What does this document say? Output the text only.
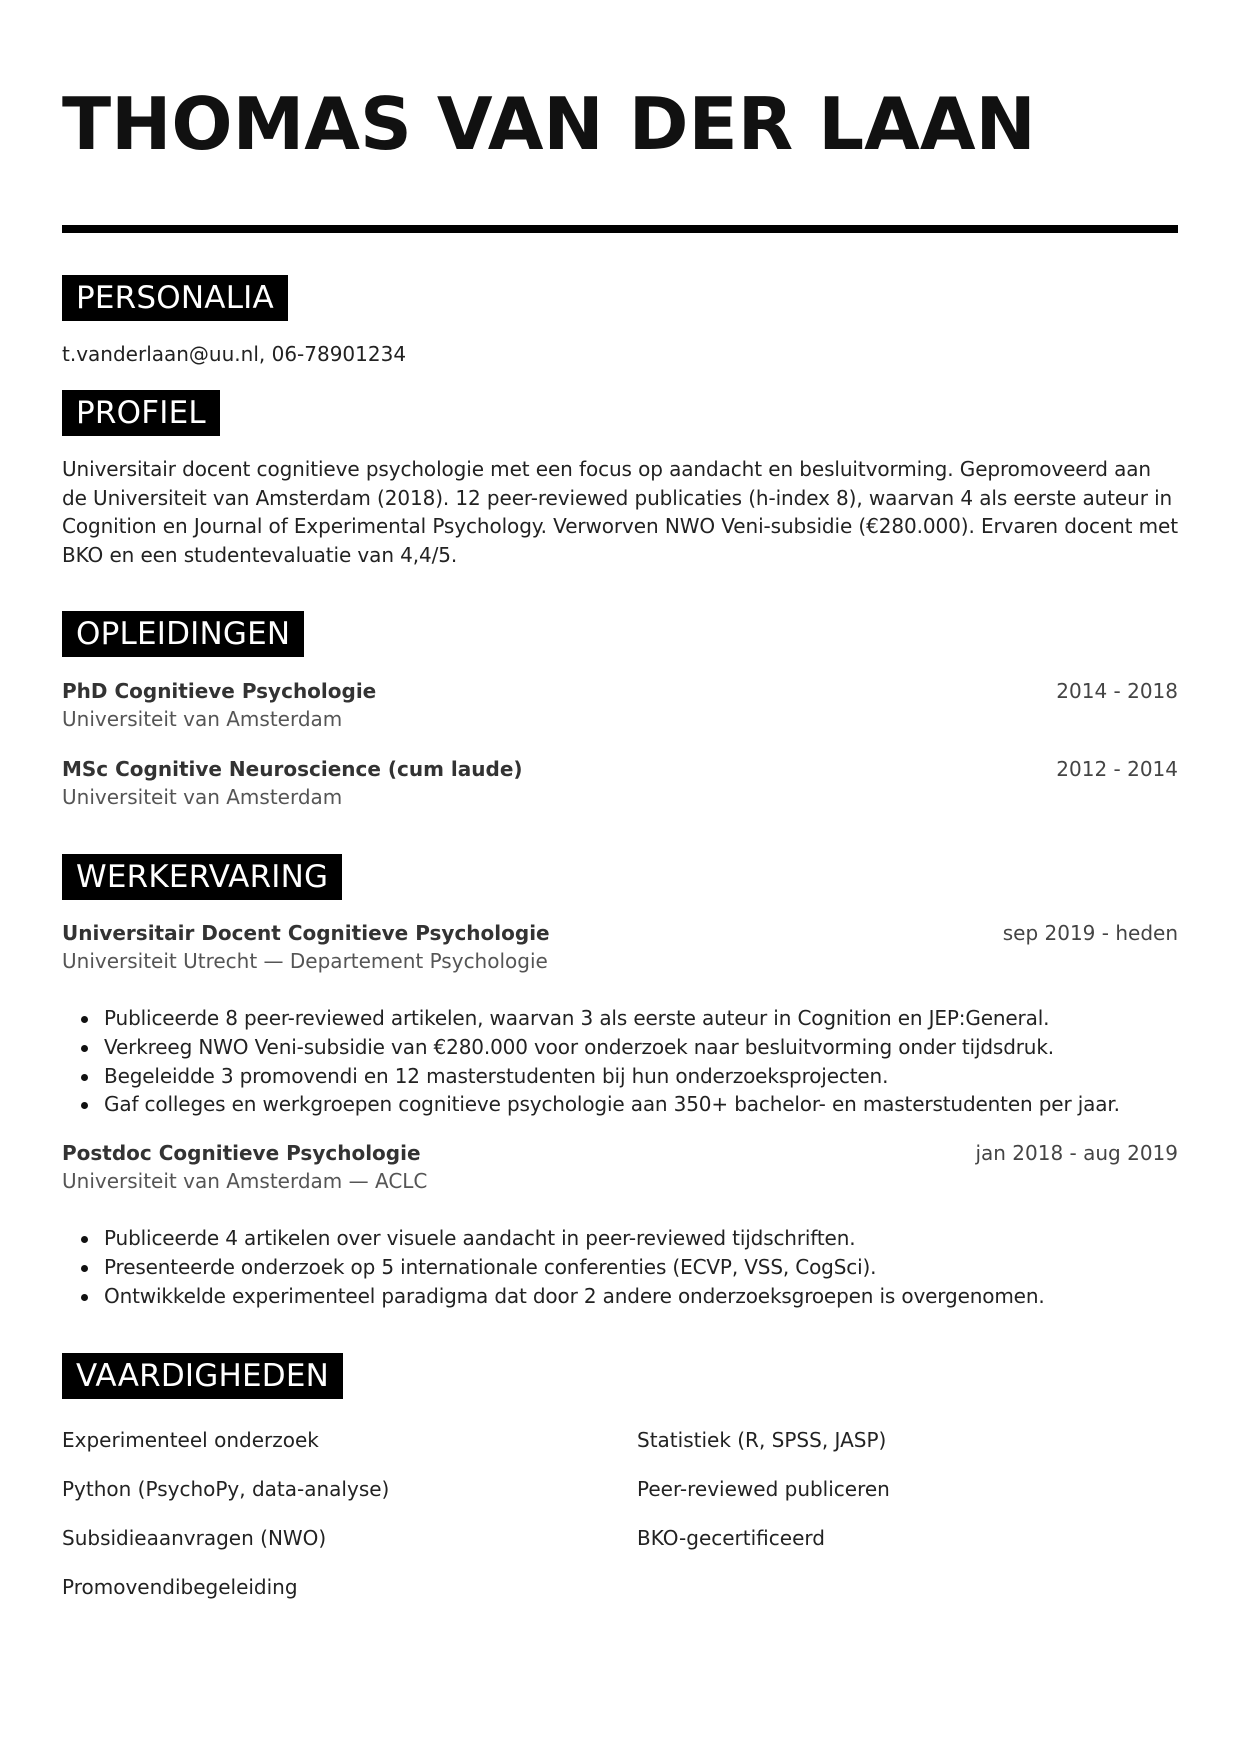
THOMAS VAN DER LAAN
PERSONALIA

t.vanderlaan@uu.nl, 06-78901234

PROFIEL

Universitair docent cognitieve psychologie met een focus op aandacht en besluitvorming. Gepromoveerd aan de Universiteit van Amsterdam (2018). 12 peer-reviewed publicaties (h-index 8), waarvan 4 als eerste auteur in Cognition en Journal of Experimental Psychology. Verworven NWO Veni-subsidie (€280.000). Ervaren docent met BKO en een studentevaluatie van 4,4/5.

OPLEIDINGEN
PhD Cognitieve Psychologie
Universiteit van Amsterdam
2014 - 2018
MSc Cognitive Neuroscience (cum laude)
Universiteit van Amsterdam
2012 - 2014
WERKERVARING
Universitair Docent Cognitieve Psychologie
Universiteit Utrecht — Departement Psychologie
sep 2019 - heden
Publiceerde 8 peer-reviewed artikelen, waarvan 3 als eerste auteur in Cognition en JEP:General.
Verkreeg NWO Veni-subsidie van €280.000 voor onderzoek naar besluitvorming onder tijdsdruk.
Begeleidde 3 promovendi en 12 masterstudenten bij hun onderzoeksprojecten.
Gaf colleges en werkgroepen cognitieve psychologie aan 350+ bachelor- en masterstudenten per jaar.
Postdoc Cognitieve Psychologie
Universiteit van Amsterdam — ACLC
jan 2018 - aug 2019
Publiceerde 4 artikelen over visuele aandacht in peer-reviewed tijdschriften.
Presenteerde onderzoek op 5 internationale conferenties (ECVP, VSS, CogSci).
Ontwikkelde experimenteel paradigma dat door 2 andere onderzoeksgroepen is overgenomen.
VAARDIGHEDEN
Experimenteel onderzoek	Statistiek (R, SPSS, JASP)
Python (PsychoPy, data-analyse)	Peer-reviewed publiceren
Subsidieaanvragen (NWO)	BKO-gecertificeerd
Promovendibegeleiding
